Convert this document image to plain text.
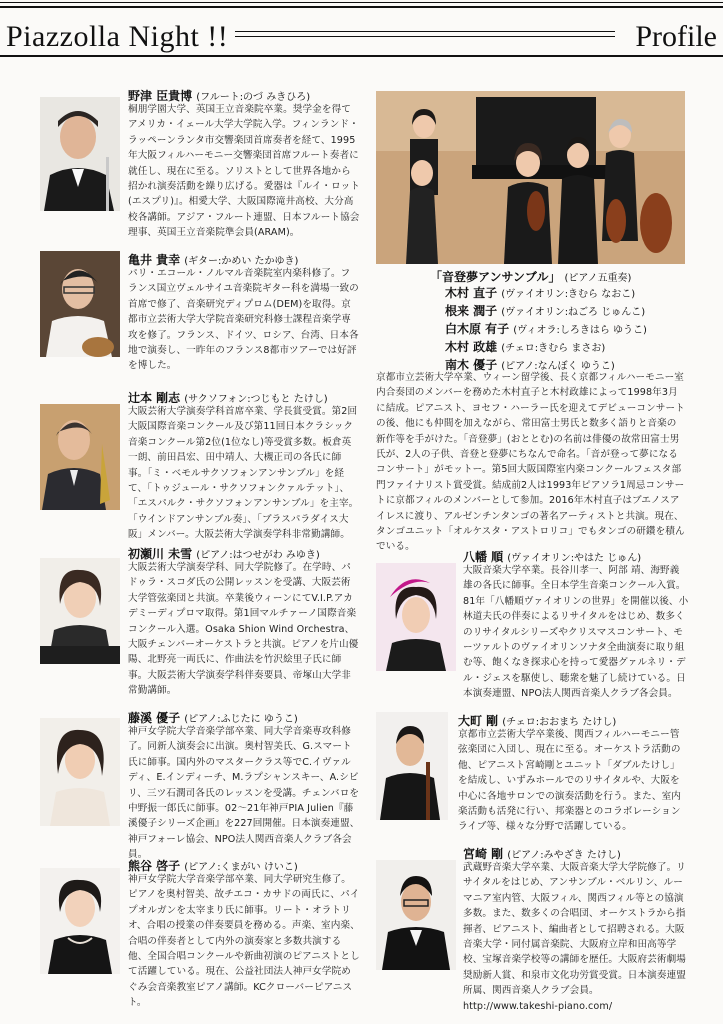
Piazzolla Night !!	Profile
野津 臣貴博 (フルート:のづ みきひろ)
桐朋学園大学、英国王立音楽院卒業。奨学金を得てアメリカ・イェール大学大学院入学。フィンランド・ラッペーンランタ市交響楽団首席奏者を経て、1995年大阪フィルハーモニー交響楽団首席フルート奏者に就任し、現在に至る。ソリストとして世界各地から招かれ演奏活動を繰り広げる。愛器は『ルイ・ロット(エスプリ)』。相愛大学、大阪国際滝井高校、大分高校各講師。アジア・フルート連盟、日本フルート協会理事、英国王立音楽院準会員(ARAM)。
亀井 貴幸 (ギター:かめい たかゆき)
パリ・エコール・ノルマル音楽院室内楽科修了。フランス国立ヴェルサイユ音楽院ギター科を満場一致の首席で修了、音楽研究ディプロム(DEM)を取得。京都市立芸術大学大学院音楽研究科修士課程音楽学専攻を修了。フランス、ドイツ、ロシア、台湾、日本各地で演奏し、一昨年のフランス8都市ツアーでは好評を博した。
辻本 剛志 (サクソフォン:つじもと たけし)
大阪芸術大学演奏学科首席卒業、学長賞受賞。第2回大阪国際音楽コンクール及び第11回日本クラシック音楽コンクール第2位(1位なし)等受賞多数。板倉英一朗、前田昌宏、田中靖人、大槻正司の各氏に師事。「ミ・ベモルサクソフォンアンサンブル」を経て、「トゥジュール・サクソフォンクァルテット」、「エスパルク・サクソフォンアンサンブル」を主宰。「ウインドアンサンブル奏」、「ブラスパラダイス大阪」メンバー。大阪芸術大学演奏学科非常勤講師。
初瀬川 未雪 (ピアノ:はつせがわ みゆき)
大阪芸術大学演奏学科、同大学院修了。在学時、パドゥラ・スコダ氏の公開レッスンを受講、大阪芸術大学管弦楽団と共演。卒業後ウィーンにてV.I.P.アカデミーディプロマ取得。第1回マルチァーノ国際音楽コンクール入選。Osaka Shion Wind Orchestra、大阪チェンバーオーケストラと共演。ピアノを片山優陽、北野亮一両氏に、作曲法を竹沢絵里子氏に師事。大阪芸術大学演奏学科伴奏要員、帝塚山大学非常勤講師。
藤溪 優子 (ピアノ:ふじたに ゆうこ)
神戸女学院大学音楽学部卒業、同大学音楽専攻科修了。同新人演奏会に出演。奥村智美氏、G.スマート氏に師事。国内外のマスタークラス等でC.イヴァルディ、E.インディーチ、M.ラプシャンスキー、A.シビリ、三ツ石潤司各氏のレッスンを受講。チェンバロを中野振一郎氏に師事。02〜21年神戸PIA Julien『藤溪優子シリーズ企画』を227回開催。日本演奏連盟、神戸フォーレ協会、NPO法人関西音楽人クラブ各会員。
熊谷 啓子 (ピアノ:くまがい けいこ)
神戸女学院大学音楽学部卒業、同大学研究生修了。ピアノを奥村智美、故チエコ・カサドの両氏に、パイプオルガンを太宰まり氏に師事。リート・オラトリオ、合唱の授業の伴奏要員を務める。声楽、室内楽、合唱の伴奏者として内外の演奏家と多数共演する他、全国合唱コンクールや新曲初演のピアニストとして活躍している。現在、公益社団法人神戸女学院めぐみ会音楽教室ピアノ講師。KCクローバーピアニスト。
「音登夢アンサンブル」 (ピアノ五重奏)
木村 直子 (ヴァイオリン:きむら なおこ)
根来 潤子 (ヴァイオリン:ねごろ じゅんこ)
白木原 有子 (ヴィオラ:しろきはら ゆうこ)
木村 政雄 (チェロ:きむら まさお)
南木 優子 (ピアノ:なんぼく ゆうこ)
京都市立芸術大学卒業、ウィーン留学後、長く京都フィルハーモニー室内合奏団のメンバーを務めた木村直子と木村政雄によって1998年3月に結成。ピアニスト、ヨセフ・ハーラー氏を迎えてデビューコンサートの後、他にも仲間を加えながら、常田富士男氏と数多く語りと音楽の新作等を手がけた。「音登夢」(おととむ)の名前は俳優の故常田富士男氏が、2人の子供、音登と登夢にちなんで命名。「音が登って夢になるコンサート」がモットー。第5回大阪国際室内楽コンクールフェスタ部門ファイナリスト賞受賞。結成前2人は1993年ピアソラ1周忌コンサートに京都フィルのメンバーとして参加。2016年木村直子はブエノスアイレスに渡り、アルゼンチンタンゴの著名アーティストと共演。現在、タンゴユニット「オルケスタ・アストロリコ」でもタンゴの研鑽を積んでいる。
八幡 順 (ヴァイオリン:やはた じゅん)
大阪音楽大学卒業。長谷川孝一、阿部 靖、海野義雄の各氏に師事。全日本学生音楽コンクール入賞。81年「八幡順ヴァイオリンの世界」を開催以後、小林道夫氏の伴奏によるリサイタルをはじめ、数多くのリサイタルシリーズやクリスマスコンサート、モーツァルトのヴァイオリンソナタ全曲演奏に取り組む等、飽くなき探求心を持って愛器グァルネリ・デル・ジェスを駆使し、聴衆を魅了し続けている。日本演奏連盟、NPO法人関西音楽人クラブ各会員。
大町 剛 (チェロ:おおまち たけし)
京都市立芸術大学卒業後、関西フィルハーモニー管弦楽団に入団し、現在に至る。オーケストラ活動の他、ピアニスト宮崎剛とユニット「ダブルたけし」を結成し、いずみホールでのリサイタルや、大阪を中心に各地サロンでの演奏活動を行う。また、室内楽活動も活発に行い、邦楽器とのコラボレーションライブ等、様々な分野で活躍している。
宮崎 剛 (ピアノ:みやざき たけし)
武蔵野音楽大学卒業、大阪音楽大学大学院修了。リサイタルをはじめ、アンサンブル・ベルリン、ルーマニア室内管、大阪フィル、関西フィル等との協演多数。また、数多くの合唱団、オーケストラから指揮者、ピアニスト、編曲者として招聘される。大阪音楽大学・同付属音楽院、大阪府立岸和田高等学校、宝塚音楽学校等の講師を歴任。大阪府芸術劇場奨励新人賞、和泉市文化功労賞受賞。日本演奏連盟所属、関西音楽人クラブ会員。http://www.takeshi-piano.com/
